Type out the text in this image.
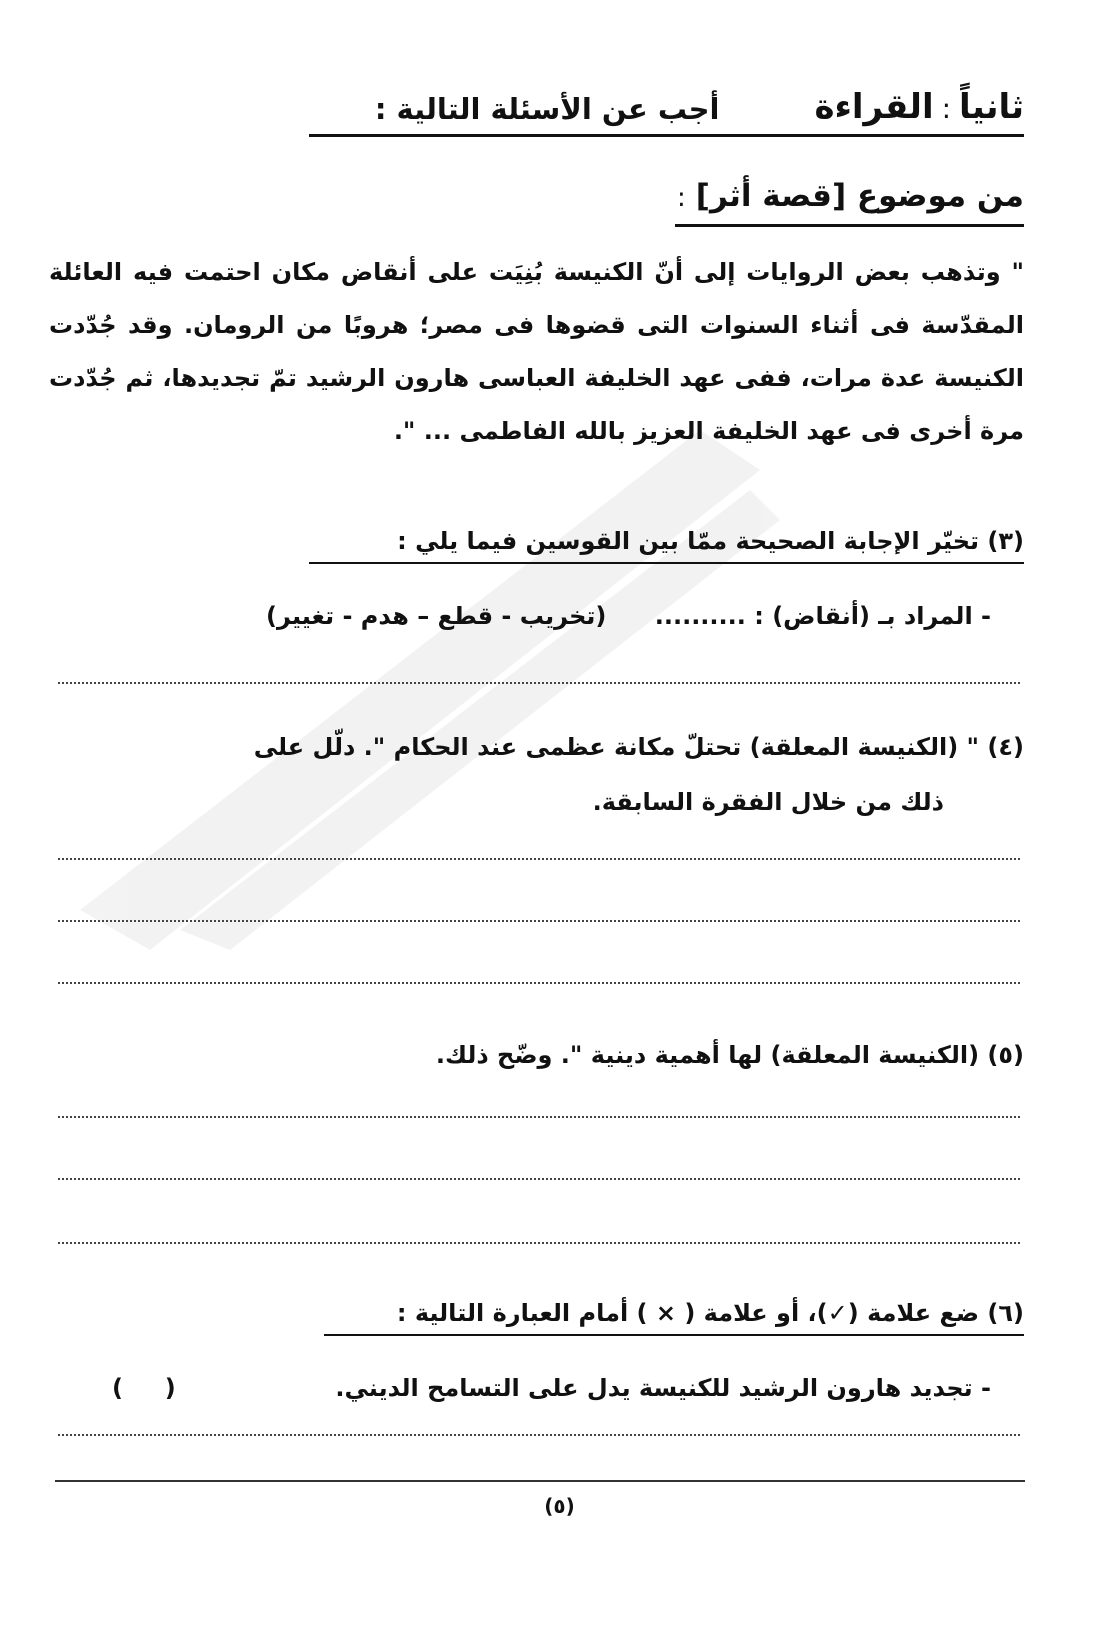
ثانياً:القراءة
أجب عن الأسئلة التالية :
من موضوع [قصة أثر]:
" وتذهب بعض الروايات إلى أنّ الكنيسة بُنِيَت على أنقاض مكان احتمت فيه العائلة المقدّسة فى أثناء السنوات التى قضوها فى مصر؛ هروبًا من الرومان. وقد جُدّدت الكنيسة عدة مرات، ففى عهد الخليفة العباسى هارون الرشيد تمّ تجديدها، ثم جُدّدت مرة أخرى فى عهد الخليفة العزيز بالله الفاطمى ... ".
(٣) تخيّر الإجابة الصحيحة ممّا بين القوسين فيما يلي :
- المراد بـ (أنقاض) : .......... (تخريب - قطع – هدم - تغيير)
(٤) " (الكنيسة المعلقة) تحتلّ مكانة عظمى عند الحكام ". دلّل على
ذلك من خلال الفقرة السابقة.
(٥) (الكنيسة المعلقة) لها أهمية دينية ". وضّح ذلك.
(٦) ضع علامة (✓)، أو علامة ( × ) أمام العبارة التالية :
- تجديد هارون الرشيد للكنيسة يدل على التسامح الديني.
(     )
(٥)
